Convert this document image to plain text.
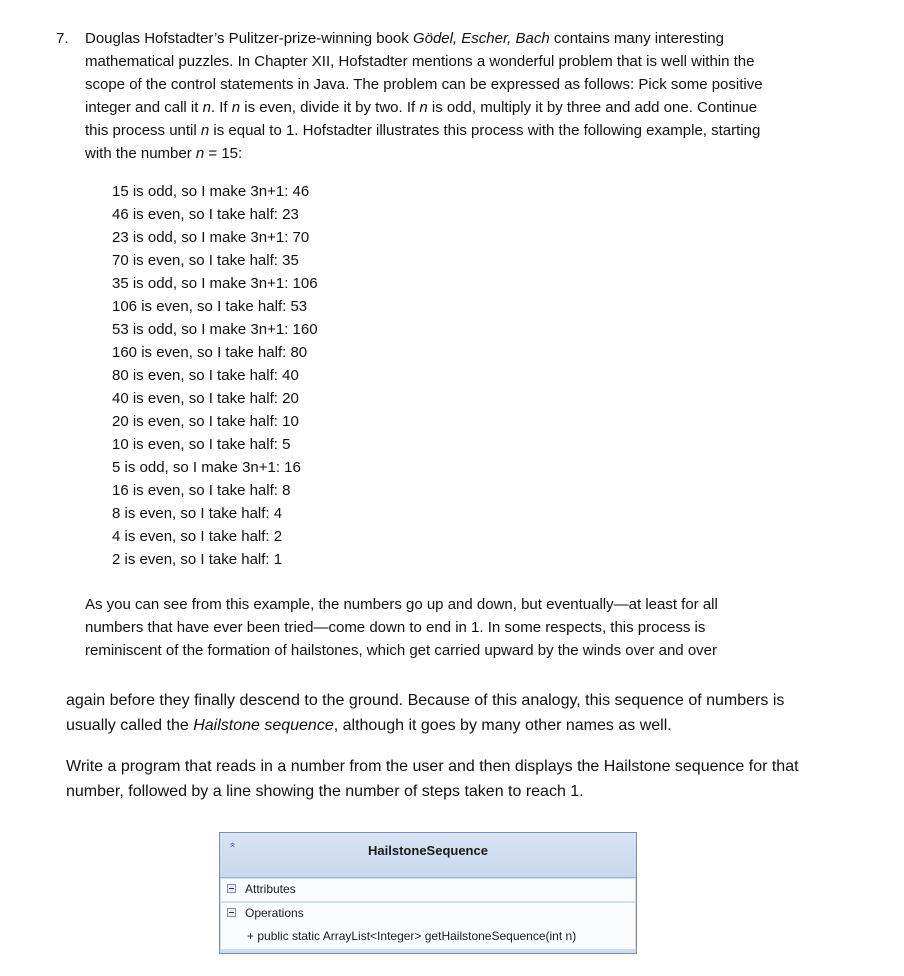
7. Douglas Hofstadter’s Pulitzer-prize-winning book Gödel, Escher, Bach contains many interesting mathematical puzzles. In Chapter XII, Hofstadter mentions a wonderful problem that is well within the scope of the control statements in Java. The problem can be expressed as follows: Pick some positive integer and call it n. If n is even, divide it by two. If n is odd, multiply it by three and add one. Continue this process until n is equal to 1. Hofstadter illustrates this process with the following example, starting with the number n = 15:

15 is odd, so I make 3n+1: 46
46 is even, so I take half: 23
23 is odd, so I make 3n+1: 70
70 is even, so I take half: 35
35 is odd, so I make 3n+1: 106
106 is even, so I take half: 53
53 is odd, so I make 3n+1: 160
160 is even, so I take half: 80
80 is even, so I take half: 40
40 is even, so I take half: 20
20 is even, so I take half: 10
10 is even, so I take half: 5
5 is odd, so I make 3n+1: 16
16 is even, so I take half: 8
8 is even, so I take half: 4
4 is even, so I take half: 2
2 is even, so I take half: 1

As you can see from this example, the numbers go up and down, but eventually—at least for all numbers that have ever been tried—come down to end in 1. In some respects, this process is reminiscent of the formation of hailstones, which get carried upward by the winds over and over

again before they finally descend to the ground. Because of this analogy, this sequence of numbers is usually called the Hailstone sequence, although it goes by many other names as well.

Write a program that reads in a number from the user and then displays the Hailstone sequence for that number, followed by a line showing the number of steps taken to reach 1.

«	HailstoneSequence
Attributes
Operations
+ public static ArrayList<Integer> getHailstoneSequence(int n)
